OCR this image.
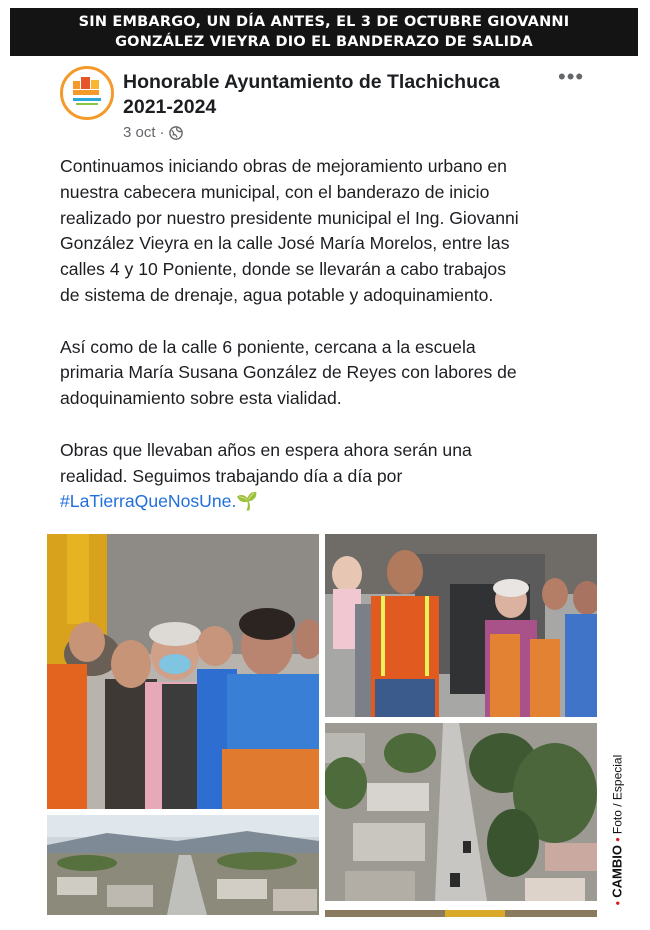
SIN EMBARGO, UN DÍA ANTES, EL 3 DE OCTUBRE GIOVANNI
GONZÁLEZ VIEYRA DIO EL BANDERAZO DE SALIDA
Honorable Ayuntamiento de Tlachichuca
2021-2024
3 oct ·
•••

Continuamos iniciando obras de mejoramiento urbano en
nuestra cabecera municipal, con el banderazo de inicio
realizado por nuestro presidente municipal el Ing. Giovanni
González Vieyra en la calle José María Morelos, entre las
calles 4 y 10 Poniente, donde se llevarán a cabo trabajos
de sistema de drenaje, agua potable y adoquinamiento.

Así como de la calle 6 poniente, cercana a la escuela
primaria María Susana González de Reyes con labores de
adoquinamiento sobre esta vialidad.

Obras que llevaban años en espera ahora serán una
realidad. Seguimos trabajando día a día por
#LaTierraQueNosUne.🌱

• CAMBIO • Foto / Especial
